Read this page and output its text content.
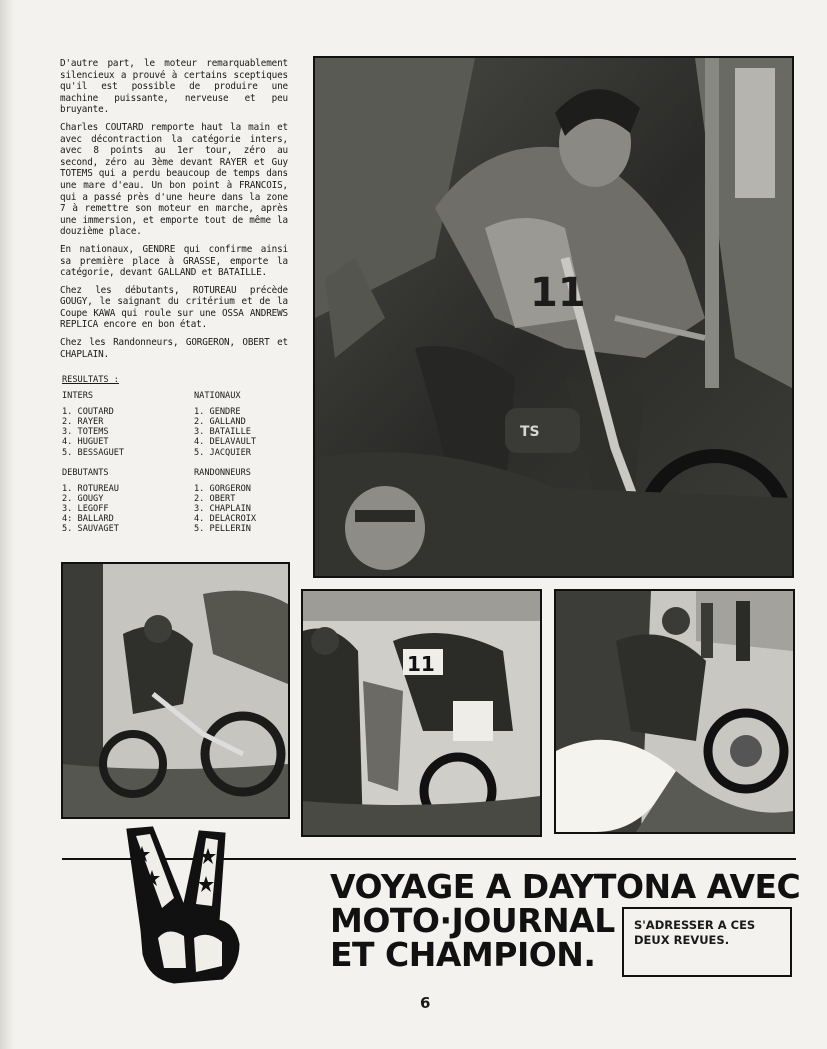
D'autre part, le moteur remarquablement silencieux a prouvé à certains sceptiques qu'il est possible de produire une machine puissante, nerveuse et peu bruyante.

Charles COUTARD remporte haut la main et avec décontraction la catégorie inters, avec 8 points au 1er tour, zéro au second, zéro au 3ème devant RAYER et Guy TOTEMS qui a perdu beaucoup de temps dans une mare d'eau. Un bon point à FRANCOIS, qui a passé près d'une heure dans la zone 7 à remettre son moteur en marche, après une immersion, et emporte tout de même la douzième place.

En nationaux, GENDRE qui confirme ainsi sa première place à GRASSE, emporte la catégorie, devant GALLAND et BATAILLE.

Chez les débutants, ROTUREAU précède GOUGY, le saignant du critérium et de la Coupe KAWA qui roule sur une OSSA ANDREWS REPLICA encore en bon état.

Chez les Randonneurs, GORGERON, OBERT et CHAPLAIN.

RESULTATS :
INTERS
1. COUTARD
2. RAYER
3. TOTEMS
4. HUGUET
5. BESSAGUET
NATIONAUX
1. GENDRE
2. GALLAND
3. BATAILLE
4. DELAVAULT
5. JACQUIER
DEBUTANTS
1. ROTUREAU
2. GOUGY
3. LEGOFF
4: BALLARD
5. SAUVAGET
RANDONNEURS
1. GORGERON
2. OBERT
3. CHAPLAIN
4. DELACROIX
5. PELLERIN
TS
11
11
VOYAGE A DAYTONA AVEC
MOTO·JOURNAL
ET CHAMPION.
S'ADRESSER A CES DEUX REVUES.
6
